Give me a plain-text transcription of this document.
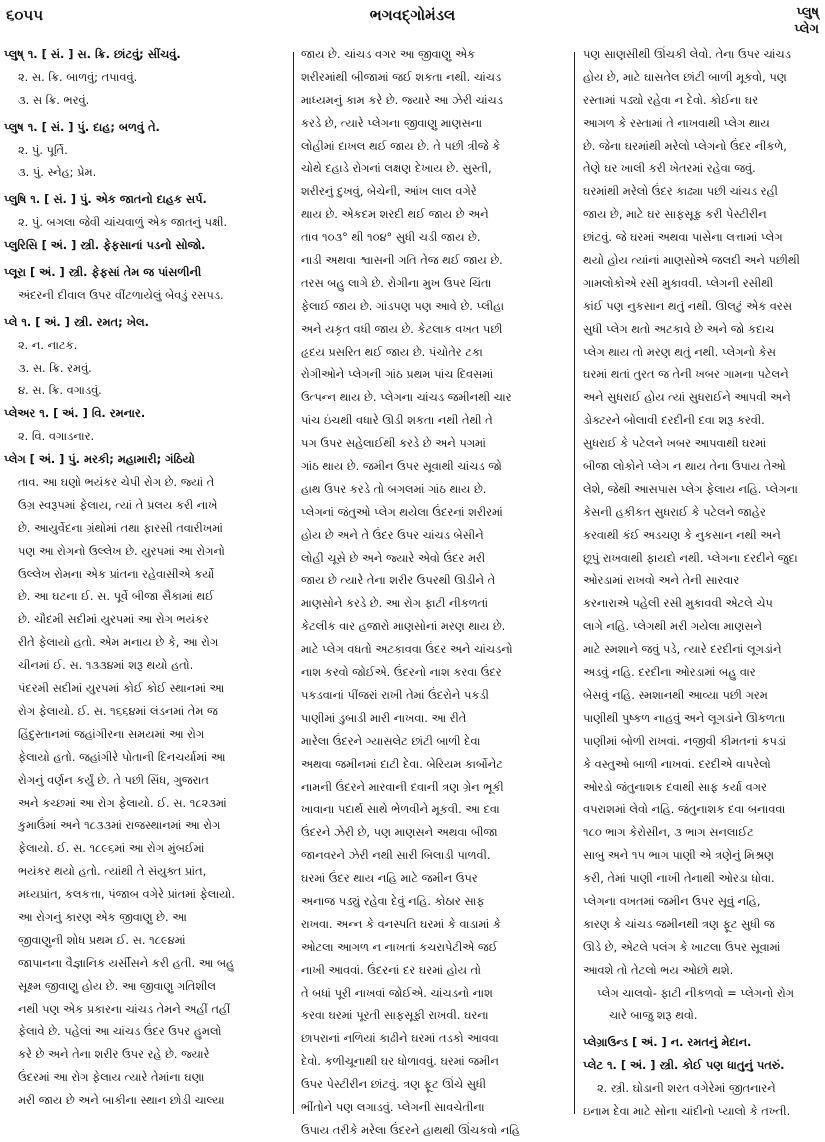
૬૦૫૫	ભગવદ્ગોમંડલ	પ્લુષ્
પ્લેગ
પ્લુષ્ ૧. [ સં. ] સ. ક્રિ. છાંટવું; સીંચવું.
૨. સ. ક્રિ. બાળવું; તપાવવું.
૩. સ ક્રિ. ભરવું.
પ્લુષ ૧. [ સં. ] પું. દાહ; બળવું તે.
૨. પું. પૂર્તિ.
૩. પું. સ્નેહ; પ્રેમ.
પ્લુષિ ૧. [ સં. ] પું. એક જાતનો દાહક સર્પ.
૨. પું. બગલા જેવી ચાંચવાળું એક જાતનું પક્ષી.
પ્લુરિસિ [ અં. ] સ્ત્રી. ફેફસાનાં પડનો સોજો.
પ્લૂરા [ અં. ] સ્ત્રી. ફેફસાં તેમ જ પાંસળીની
અંદરની દીવાલ ઉપર વીંટળાયેલું બેવડું રસપડ.
પ્લે ૧. [ અં. ] સ્ત્રી. રમત; ખેલ.
૨. ન. નાટક.
૩. સ. ક્રિ. રમવું.
૪. સ. ક્રિ. વગાડવું.
પ્લેઅર ૧. [ અં. ] વિ. રમનાર.
૨. વિ. વગાડનાર.
પ્લેગ [ અં. ] પું. મરકી; મહામારી; ગંઠિયો
તાવ. આ ઘણો ભયંકર ચેપી રોગ છે. જ્યાં તે
ઉગ્ર સ્વરૂપમાં ફેલાય, ત્યાં તે પ્રલય કરી નાખે
છે. આયુર્વેદના ગ્રંથોમાં તથા ફારસી તવારીખમાં
પણ આ રોગનો ઉલ્લેખ છે. યુરપમાં આ રોગનો
ઉલ્લેખ રોમના એક પ્રાંતના રહેવાસીએ કર્યો
છે. આ ઘટના ઈ. સ. પૂર્વે બીજા સૈકામાં થઈ
છે. ચૌદમી સદીમાં યુરપમાં આ રોગ ભયંકર
રીતે ફેલાયો હતો. એમ મનાય છે કે, આ રોગ
ચીનમાં ઈ. સ. ૧૩૩૪માં શરૂ થયો હતો.
પંદરમી સદીમાં યુરપમાં કોઈ કોઈ સ્થાનમાં આ
રોગ ફેલાયો. ઈ. સ. ૧૬૬૪માં લંડનમાં તેમ જ
હિંદુસ્તાનમાં જહાંગીરના સમયમાં આ રોગ
ફેલાયો હતો. જહાંગીરે પોતાની દિનચર્યામાં આ
રોગનું વર્ણન કર્યું છે. તે પછી સિંધ, ગુજરાત
અને કચ્છમાં આ રોગ ફેલાયો. ઈ. સ. ૧૮૨૩માં
કુમાઉંમાં અને ૧૮૩૩માં રાજસ્થાનમાં આ રોગ
ફેલાયો. ઈ. સ. ૧૮૯૬માં આ રોગ મુંબઈમાં
ભયંકર થયો હતો. ત્યાંથી તે સંયુક્ત પ્રાંત,
મધ્યપ્રાંત, કલકત્તા, પંજાબ વગેરે પ્રાંતમાં ફેલાયો.
આ રોગનું કારણ એક જીવાણુ છે. આ
જીવાણુની શોધ પ્રથમ ઈ. સ. ૧૮૯૪માં
જાપાનના વૈજ્ઞાનિક યર્સીસને કરી હતી. આ બહુ
સૂક્ષ્મ જીવાણુ હોય છે. આ જીવાણુ ગતિશીલ
નથી પણ એક પ્રકારના ચાંચડ તેમને અહીં તહીં
ફેલાવે છે. પહેલાં આ ચાંચડ ઉંદર ઉપર હુમલો
કરે છે અને તેના શરીર ઉપર રહે છે. જ્યારે
ઉંદરમાં આ રોગ ફેલાય ત્યારે તેમાંના ઘણા
મરી જાય છે અને બાકીના સ્થાન છોડી ચાલ્યા
જાય છે. ચાંચડ વગર આ જીવાણુ એક
શરીરમાંથી બીજામાં જઈ શકતા નથી. ચાંચડ
માધ્યમનું કામ કરે છે. જ્યારે આ ઝેરી ચાંચડ
કરડે છે, ત્યારે પ્લેગના જીવાણુ માણસના
લોહીમાં દાખલ થઈ જાય છે. તે પછી ત્રીજે કે
ચોથે દહાડે રોગનાં લક્ષણ દેખાય છે. સુસ્તી,
શરીરનું દુખવું, બેચેની, આંખ લાલ વગેરે
થાય છે. એકદમ શરદી થઈ જાય છે અને
તાવ ૧૦૩° થી ૧૦૪° સુધી ચડી જાય છે.
નાડી અથવા શ્વાસની ગતિ તેજ થઈ જાય છે.
તરસ બહુ લાગે છે. રોગીના મુખ ઉપર ચિંતા
ફેલાઈ જાય છે. ગાંડપણ પણ આવે છે. પ્લીહા
અને યકૃત વધી જાય છે. કેટલાક વખત પછી
હૃદય પ્રસરિત થઈ જાય છે. પંચોતેર ટકા
રોગીઓને પ્લેગની ગાંઠ પ્રથમ પાંચ દિવસમાં
ઉત્પન્ન થાય છે. પ્લેગના ચાંચડ જમીનથી ચાર
પાંચ ઇંચથી વધારે ઊડી શકતા નથી તેથી તે
પગ ઉપર સહેલાઈથી કરડે છે અને પગમાં
ગાંઠ થાય છે. જમીન ઉપર સૂવાથી ચાંચડ જો
હાથ ઉપર કરડે તો બગલમાં ગાંઠ થાય છે.
પ્લેગનાં જંતુઓ પ્લેગ થયેલા ઉંદરનાં શરીરમાં
હોય છે અને તે ઉંદર ઉપર ચાંચડ બેસીને
લોહી ચૂસે છે અને જ્યારે એવો ઉંદર મરી
જાય છે ત્યારે તેના શરીર ઉપરથી ઊડીને તે
માણસોને કરડે છે. આ રોગ ફાટી નીકળતાં
કેટલીક વાર હજારો માણસોનાં મરણ થાય છે.
માટે પ્લેગ વધતો અટકાવવા ઉંદર અને ચાંચડનો
નાશ કરવો જોઈએ. ઉંદરનો નાશ કરવા ઉંદર
પકડવાનાં પીંજરાં રાખી તેમાં ઉંદરોને પકડી
પાણીમાં ડુબાડી મારી નાખવા. આ રીતે
મારેલા ઉંદરને ગ્યાસલેટ છાંટી બાળી દેવા
અથવા જમીનમાં દાટી દેવા. બેરિયમ કાર્બોનેટ
નામની ઉંદરને મારવાની દવાની ત્રણ ગ્રેન ભૂકી
ખાવાના પદાર્થ સાથે ભેળવીને મૂકવી. આ દવા
ઉંદરને ઝેરી છે, પણ માણસને અથવા બીજા
જાનવરને ઝેરી નથી સારી બિલાડી પાળવી.
ઘરમાં ઉંદર થાય નહિ માટે જમીન ઉપર
અનાજ પડ્યું રહેવા દેવું નહિ. કોઠાર સાફ
રાખવા. અન્ન કે વનસ્પતિ ઘરમાં કે વાડામાં કે
ઓટલા આગળ ન નાખતાં કચરાપેટીએ જઈ
નાખી આવવાં. ઉંદરનાં દર ઘરમાં હોય તો
તે બધાં પૂરી નાખવાં જોઈએ. ચાંચડનો નાશ
કરવા ઘરમાં પૂરતી સાફસૂફી રાખવી. ઘરના
છાપરાનાં નળિયાં કાઢીને ઘરમાં તડકો આવવા
દેવો. કળીચૂનાથી ઘર ધોળાવવું. ઘરમાં જમીન
ઉપર પેસ્ટીરીન છાંટવું. ત્રણ ફૂટ ઊંચે સુધી
ભીંતોને પણ લગાડવું. પ્લેગની સાવચેતીના
ઉપાય તરીકે મરેલા ઉંદરને હાથથી ઊંચકવો નહિ
પણ સાણસીથી ઊંચકી લેવો. તેના ઉપર ચાંચડ
હોય છે, માટે ઘાસતેલ છાંટી બાળી મૂકવો, પણ
રસ્તામાં પડ્યો રહેવા ન દેવો. કોઈના ઘર
આગળ કે રસ્તામાં તે નાખવાથી પ્લેગ થાય
છે. જેના ઘરમાંથી મરેલો પ્લેગનો ઉંદર નીકળે,
તેણે ઘર ખાલી કરી ખેતરમાં રહેવા જવું.
ઘરમાંથી મરેલો ઉંદર કાઢ્યા પછી ચાંચડ રહી
જાય છે, માટે ઘર સાફસૂફ કરી પેસ્ટીરીન
છાંટવું. જે ઘરમાં અથવા પાસેના લત્તામાં પ્લેગ
થયો હોય ત્યાંનાં માણસોએ જલદી અને પછીથી
ગામલોકોએ રસી મુકાવવી. પ્લેગની રસીથી
કાંઈ પણ નુકસાન થતું નથી. ઊલટું એક વરસ
સુધી પ્લેગ થતો અટકાવે છે અને જો કદાચ
પ્લેગ થાય તો મરણ થતું નથી. પ્લેગનો કેસ
ઘરમાં થતાં તુરત જ તેની ખબર ગામના પટેલને
અને સુધરાઈ હોય ત્યાં સુધરાઈને આપવી અને
ડોક્ટરને બોલાવી દરદીની દવા શરૂ કરવી.
સુધરાઈ કે પટેલને ખબર આપવાથી ઘરમાં
બીજા લોકોને પ્લેગ ન થાય તેના ઉપાય તેઓ
લેશે, જેથી આસપાસ પ્લેગ ફેલાય નહિ. પ્લેગના
કેસની હકીકત સુધરાઈ કે પટેલને જાહેર
કરવાથી કંઈ અડચણ કે નુકસાન નથી અને
છૂપું રાખવાથી ફાયદો નથી. પ્લેગના દરદીને જુદા
ઓરડામાં રાખવો અને તેની સારવાર
કરનારાએ પહેલી રસી મુકાવવી એટલે ચેપ
લાગે નહિ. પ્લેગથી મરી ગયેલા માણસને
માટે સ્મશાને જવું પડે, ત્યારે દરદીનાં લૂગડાંને
અડવું નહિ. દરદીના ઓરડામાં બહુ વાર
બેસવું નહિ. સ્મશાનથી આવ્યા પછી ગરમ
પાણીથી પુષ્કળ નાહવું અને લૂગડાંને ઊકળતા
પાણીમાં બોળી રાખવાં. નજીવી કીમતનાં કપડાં
કે વસ્તુઓ બાળી નાખવાં. દરદીએ વાપરેલો
ઓરડો જંતુનાશક દવાથી સાફ કર્યા વગર
વપરાશમાં લેવો નહિ. જંતુનાશક દવા બનાવવા
૧૮૦ ભાગ કેરોસીન, ૩ ભાગ સનલાઈટ
સાબુ અને ૧૫ ભાગ પાણી એ ત્રણેનું મિશ્રણ
કરી, તેમાં પાણી નાખી તેનાથી ઓરડા ધોવા.
પ્લેગના વખતમાં જમીન ઉપર સૂવું નહિ,
કારણ કે ચાંચડ જમીનથી ત્રણ ફૂટ સુધી જ
ઊડે છે, એટલે પલંગ કે ખાટલા ઉપર સૂવામાં
આવશે તો તેટલો ભય ઓછો થશે.
પ્લેગ ચાલવો- ફાટી નીકળવો = પ્લેગનો રોગ
ચારે બાજુ શરૂ થવો.
પ્લેગ્રાઉન્ડ [ અં. ] ન. રમતનું મેદાન.
પ્લેટ ૧. [ અં. ] સ્ત્રી. કોઈ પણ ધાતુનું પતરું.
૨. સ્ત્રી. ઘોડાની શરત વગેરેમાં જીતનારને
ઇનામ દેવા માટે સોના ચાંદીનો પ્યાલો કે તખ્તી.
